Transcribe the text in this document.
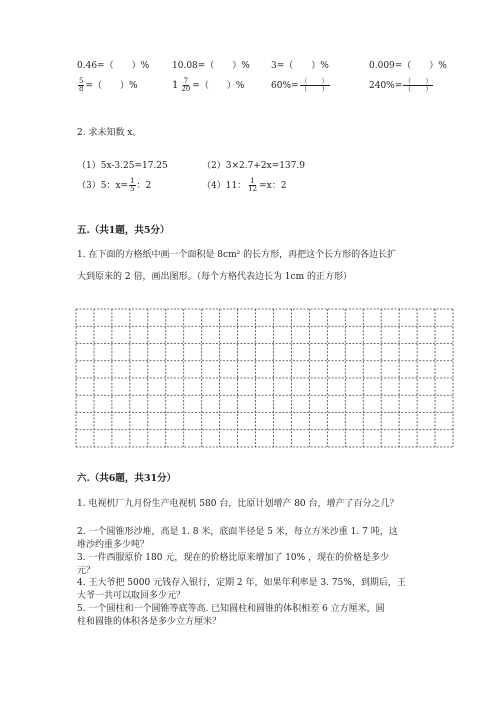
0.46=（　　）%	10.08=（　　）% 3=（　　）%	0.009=（　　）%
$\frac{5}{8}$ =（　　）%	$1 \frac{7}{20}$ =（　　）%	$60\%= \frac{( )}{( )}$	$240\%= \frac{( )}{( )}$
2. 求未知数 x。
（1）5x-3.25=17.25	（2）3×2.7+2x=137.9
（3）5：$x= \frac{1}{5}$ ：2	（4）11： $\frac{1}{12} =x$：2
五.（共1题，共5分）
1. 在下面的方格纸中画一个面积是 8cm² 的长方形，再把这个长方形的各边长扩
大到原来的 2 倍，画出图形。（每个方格代表边长为 1cm 的正方形）
六.（共6题，共31分）
1. 电视机厂九月份生产电视机 580 台，比原计划增产 80 台，增产了百分之几？
2. 一个圆锥形沙堆，高是 1. 8 米，底面半径是 5 米，每立方米沙重 1. 7 吨，这
堆沙约重多少吨？
3. 一件西服原价 180 元，现在的价格比原来增加了 10% ，现在的价格是多少
元？
4. 王大爷把 5000 元钱存入银行，定期 2 年，如果年利率是 3. 75%，到期后，王
大爷一共可以取回多少元？
5. 一个圆柱和一个圆锥等底等高. 已知圆柱和圆锥的体积相差 6 立方厘米，圆
柱和圆锥的体积各是多少立方厘米？
